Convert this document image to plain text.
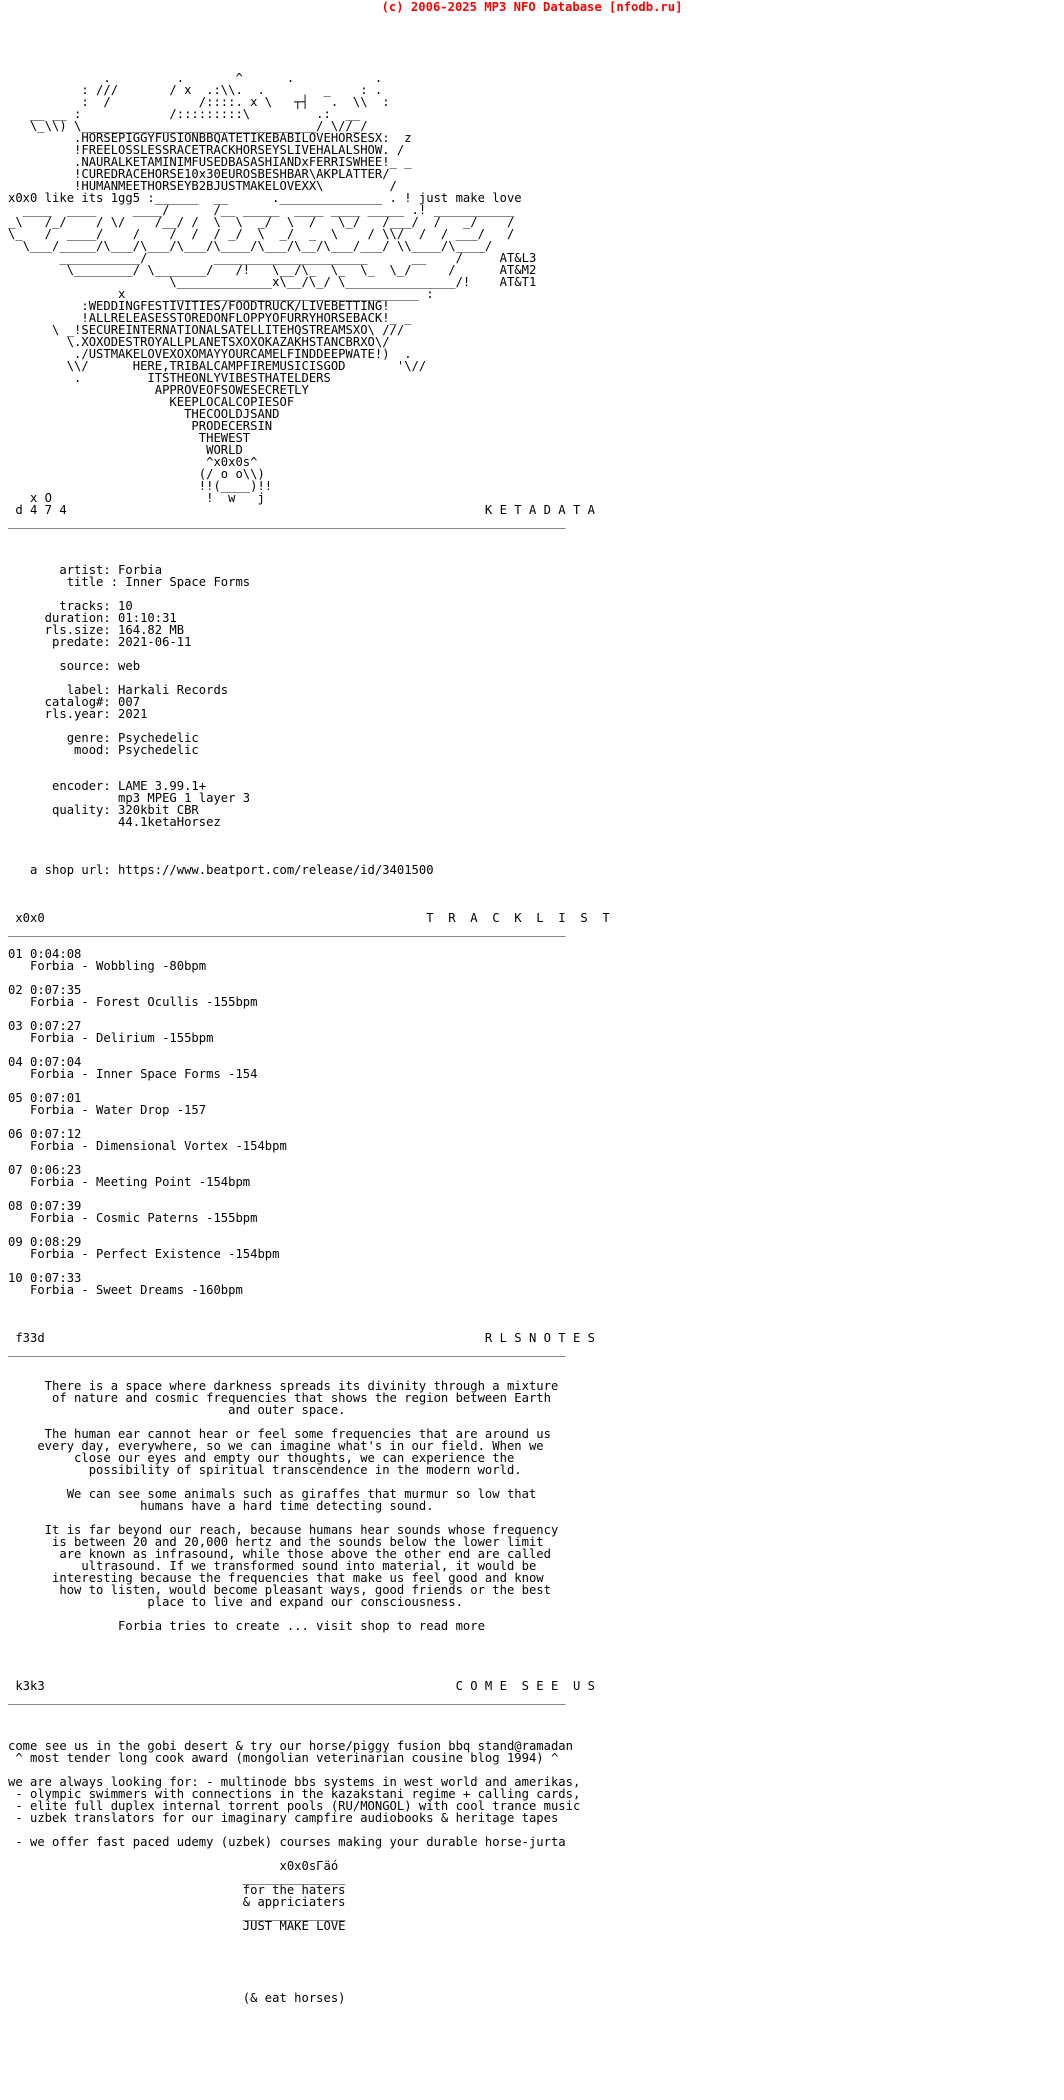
(c) 2006-2025 MP3 NFO Database [nfodb.ru]
.         .       ^      .           .
: ///       / x  .:\\.  .        _    : .
:  /            /::::. x \   ┬┤   .  \\  :
__ __ :            /:::::::::\         .:  __
\_\\) \________________________________/ \//_/
.HORSEPIGGYFUSIONBBQATETIKEBABILOVEHORSESX:  z
!FREELOSSLESSRACETRACKHORSEYSLIVEHALALSHOW. /
.NAURALKETAMINIMFUSEDBASASHIANDxFERRISWHEE!_ _
!CUREDRACEHORSE10x30EUROSBESHBAR\AKPLATTER/
!HUMANMEETHORSEYB2BJUSTMAKELOVEXX\         /
x0x0 like its 1gg5 :______  __      .______________ . ! just make love
____  ____     ____/      /__ _____  ____ ____ _____ .! ___________
_\   /_/    / \/    /__/ /  \  \  _/  \  /   \_/   /___/  /   _/    /
\_   /  ____/    /    /  /  / _/  \  _/  _  \    / \\/  /  / ___/   /
\___/_____/\___/\___/\___/\____/\___/\__/\___/___/ \\____/\____/
___________/         _____________________      __    /     AT&L3
\________/ \_______/   /!   \__/\_  \_  \_  \_/     /      AT&M2
\_____________x\__/\_/ \_______________/!    AT&T1
x      __________________________________ :
:WEDDINGFESTIVITIES/FOODTRUCK/LIVEBETTING!
!ALLRELEASESSTOREDONFLOPPYOFURRYHORSEBACK!_ _
\ _!SECUREINTERNATIONALSATELLITEHQSTREAMSXO\ ///
\.XOXODESTROYALLPLANETSXOXOKAZAKHSTANCBRXO\/
./USTMAKELOVEXOXOMAYYOURCAMELFINDDEEPWATE!)  .
\\/      HERE,TRIBALCAMPFIREMUSICISGOD       '\//
.         ITSTHEONLYVIBESTHATELDERS
APPROVEOFSOWESECRETLY
KEEPLOCALCOPIESOF
THECOOLDJSAND
PRODECERSIN
THEWEST
WORLD
^x0x0s^
(/ o o\\)
!!(____)!!
x O                     !  w   j
d 4 7 4                                                         K E T A D A T A
____________________________________________________________________________

artist: Forbia
title : Inner Space Forms

tracks: 10
duration: 01:10:31
rls.size: 164.82 MB
predate: 2021-06-11

source: web

label: Harkali Records
catalog#: 007
rls.year: 2021

genre: Psychedelic
mood: Psychedelic

encoder: LAME 3.99.1+
mp3 MPEG 1 layer 3
quality: 320kbit CBR
44.1ketaHorsez

a shop url: https://www.beatport.com/release/id/3401500

x0x0                                                    T  R  A  C  K  L  I  S  T
____________________________________________________________________________

01 0:04:08
Forbia - Wobbling -80bpm

02 0:07:35
Forbia - Forest Ocullis -155bpm

03 0:07:27
Forbia - Delirium -155bpm

04 0:07:04
Forbia - Inner Space Forms -154

05 0:07:01
Forbia - Water Drop -157

06 0:07:12
Forbia - Dimensional Vortex -154bpm

07 0:06:23
Forbia - Meeting Point -154bpm

08 0:07:39
Forbia - Cosmic Paterns -155bpm

09 0:08:29
Forbia - Perfect Existence -154bpm

10 0:07:33
Forbia - Sweet Dreams -160bpm

f33d                                                            R L S N O T E S
____________________________________________________________________________

There is a space where darkness spreads its divinity through a mixture
of nature and cosmic frequencies that shows the region between Earth
and outer space.

The human ear cannot hear or feel some frequencies that are around us
every day, everywhere, so we can imagine what's in our field. When we
close our eyes and empty our thoughts, we can experience the
possibility of spiritual transcendence in the modern world.

We can see some animals such as giraffes that murmur so low that
humans have a hard time detecting sound.

It is far beyond our reach, because humans hear sounds whose frequency
is between 20 and 20,000 hertz and the sounds below the lower limit
are known as infrasound, while those above the other end are called
ultrasound. If we transformed sound into material, it would be
interesting because the frequencies that make us feel good and know
how to listen, would become pleasant ways, good friends or the best
place to live and expand our consciousness.

Forbia tries to create ... visit shop to read more

k3k3                                                        C O M E  S E E  U S
____________________________________________________________________________

come see us in the gobi desert & try our horse/piggy fusion bbq stand@ramadan
^ most tender long cook award (mongolian veterinarian cousine blog 1994) ^

we are always looking for: - multinode bbs systems in west world and amerikas,
- olympic swimmers with connections in the kazakstani regime + calling cards,
- elite full duplex internal torrent pools (RU/MONGOL) with cool trance music
- uzbek translators for our imaginary campfire audiobooks & heritage tapes

- we offer fast paced udemy (uzbek) courses making your durable horse-jurta

x0x0sΓäó
______________
for the haters
& appriciaters
______________
JUST MAKE LOVE

(& eat horses)
